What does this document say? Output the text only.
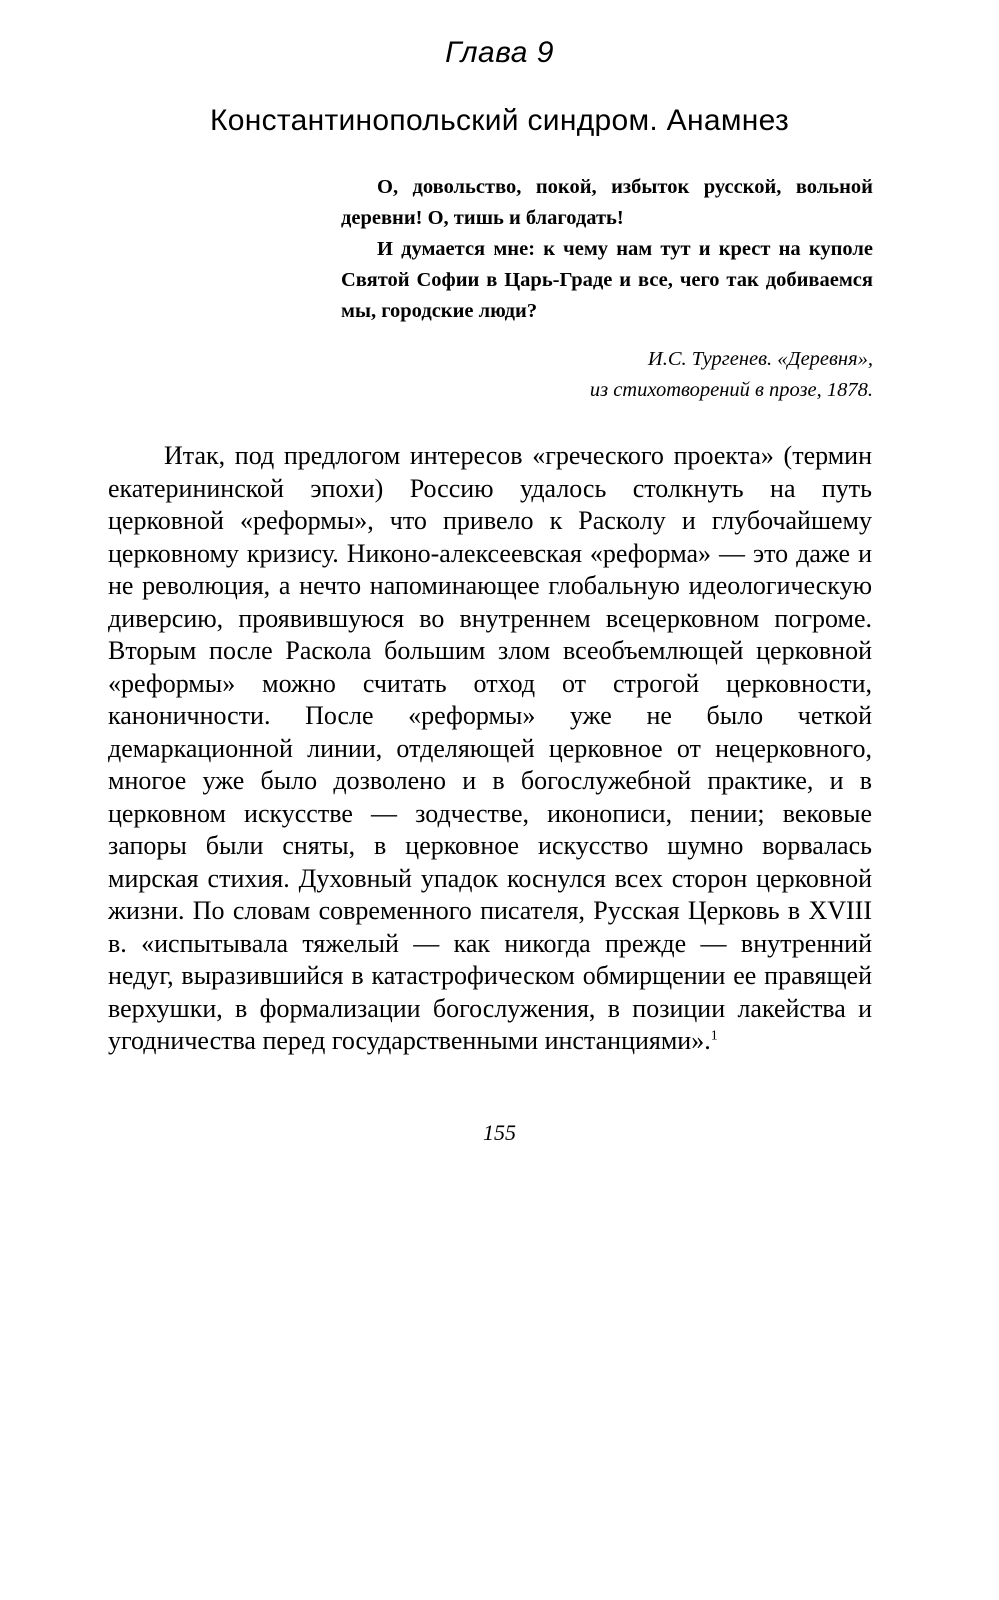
Глава 9
Константинопольский синдром. Анамнез

О, довольство, покой, избыток русской, вольной деревни! О, тишь и благодать!

И думается мне: к чему нам тут и крест на куполе Святой Софии в Царь-Граде и все, чего так добиваемся мы, городские люди?

И.С. Тургенев. «Деревня»,
из стихотворений в прозе, 1878.

Итак, под предлогом интересов «греческого проекта» (термин екатерининской эпохи) Россию удалось столкнуть на путь церковной «реформы», что привело к Расколу и глубочайшему церковному кризису. Никоно-алексеевская «реформа» — это даже и не революция, а нечто напоминающее глобальную идеологическую диверсию, проявившуюся во внутреннем всецерковном погроме. Вторым после Раскола большим злом всеобъемлющей церковной «реформы» можно считать отход от строгой церковности, каноничности. После «реформы» уже не было четкой демаркационной линии, отделяющей церковное от нецерковного, многое уже было дозволено и в богослужебной практике, и в церковном искусстве — зодчестве, иконописи, пении; вековые запоры были сняты, в церковное искусство шумно ворвалась мирская стихия. Духовный упадок коснулся всех сторон церковной жизни. По словам современного писателя, Русская Церковь в XVIII в. «испытывала тяжелый — как никогда прежде — внутренний недуг, выразившийся в катастрофическом обмирщении ее правящей верхушки, в формализации богослужения, в позиции лакейства и угодничества перед государственными инстанциями».$^1$

155
